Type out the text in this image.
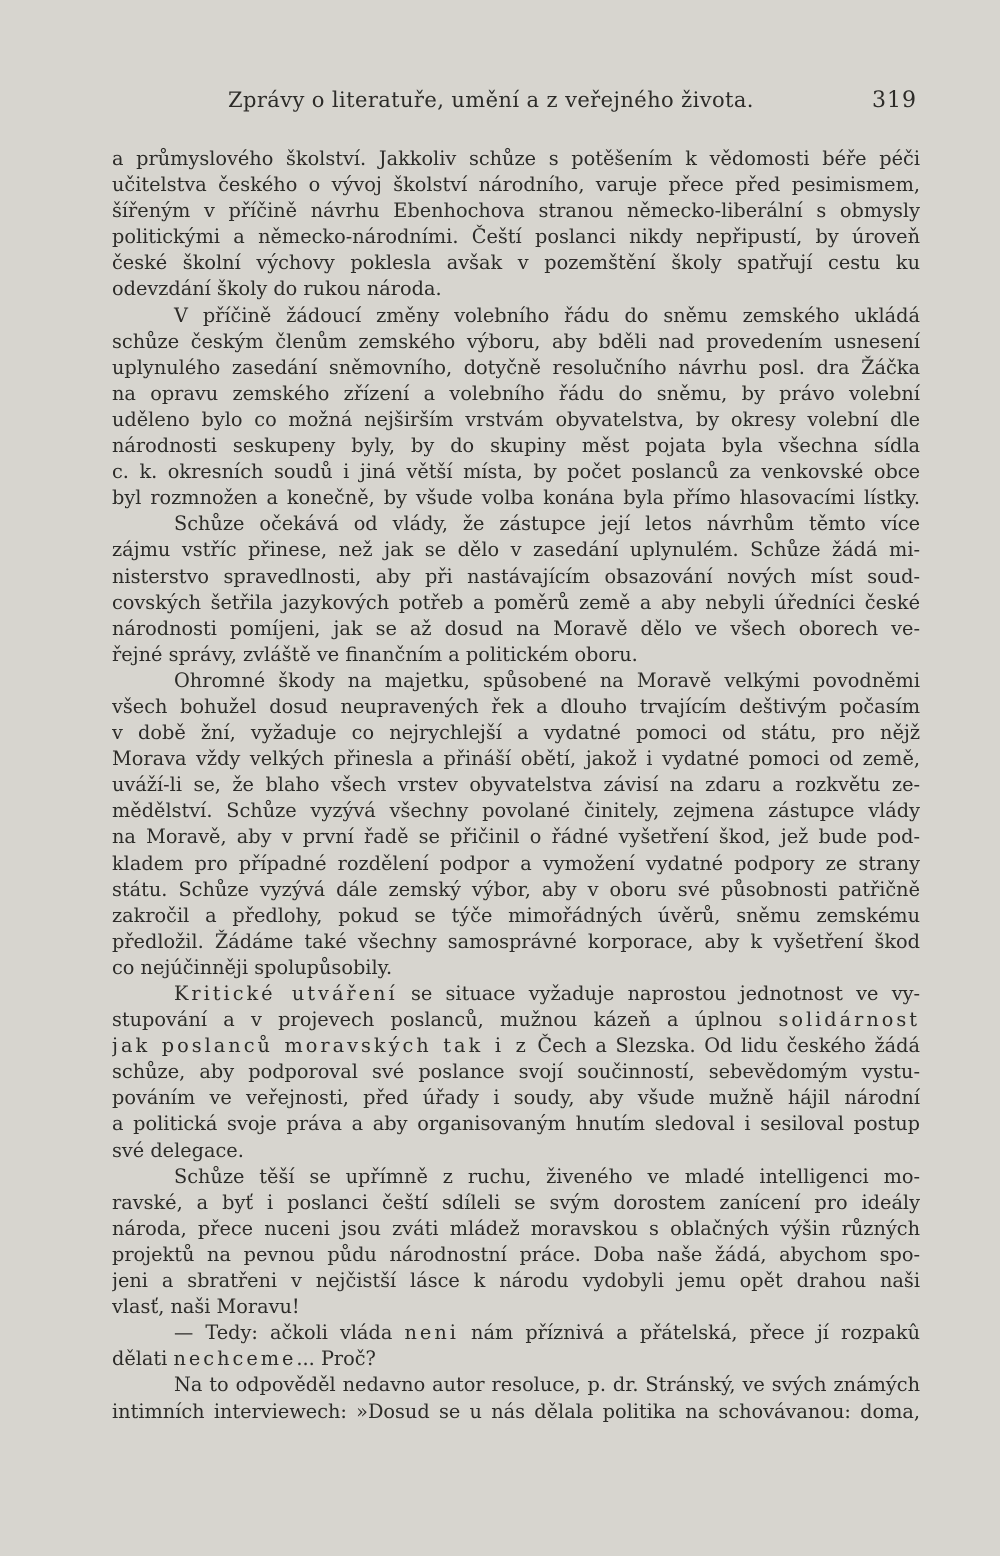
Zprávy o literatuře, umění a z veřejného života.	319
a průmyslového školství. Jakkoliv schůze s potěšením k vědomosti béře péči
učitelstva českého o vývoj školství národního, varuje přece před pesimismem,
šířeným v příčině návrhu Ebenhochova stranou německo-liberální s obmysly
politickými a německo-národními. Čeští poslanci nikdy nepřipustí, by úroveň
české školní výchovy poklesla avšak v pozemštění školy spatřují cestu ku
odevzdání školy do rukou národa.
V příčině žádoucí změny volebního řádu do sněmu zemského ukládá
schůze českým členům zemského výboru, aby bděli nad provedením usnesení
uplynulého zasedání sněmovního, dotyčně resolučního návrhu posl. dra Žáčka
na opravu zemského zřízení a volebního řádu do sněmu, by právo volební
uděleno bylo co možná nejširším vrstvám obyvatelstva, by okresy volební dle
národnosti seskupeny byly, by do skupiny měst pojata byla všechna sídla
c. k. okresních soudů i jiná větší místa, by počet poslanců za venkovské obce
byl rozmnožen a konečně, by všude volba konána byla přímo hlasovacími lístky.
Schůze očekává od vlády, že zástupce její letos návrhům těmto více
zájmu vstříc přinese, než jak se dělo v zasedání uplynulém. Schůze žádá mi-
nisterstvo spravedlnosti, aby při nastávajícím obsazování nových míst soud-
covských šetřila jazykových potřeb a poměrů země a aby nebyli úředníci české
národnosti pomíjeni, jak se až dosud na Moravě dělo ve všech oborech ve-
řejné správy, zvláště ve finančním a politickém oboru.
Ohromné škody na majetku, spůsobené na Moravě velkými povodněmi
všech bohužel dosud neupravených řek a dlouho trvajícím deštivým počasím
v době žní, vyžaduje co nejrychlejší a vydatné pomoci od státu, pro nějž
Morava vždy velkých přinesla a přináší obětí, jakož i vydatné pomoci od země,
uváží-li se, že blaho všech vrstev obyvatelstva závisí na zdaru a rozkvětu ze-
mědělství. Schůze vyzývá všechny povolané činitely, zejmena zástupce vlády
na Moravě, aby v první řadě se přičinil o řádné vyšetření škod, jež bude pod-
kladem pro případné rozdělení podpor a vymožení vydatné podpory ze strany
státu. Schůze vyzývá dále zemský výbor, aby v oboru své působnosti patřičně
zakročil a předlohy, pokud se týče mimořádných úvěrů, sněmu zemskému
předložil. Žádáme také všechny samosprávné korporace, aby k vyšetření škod
co nejúčinněji spolupůsobily.
Kritické utváření se situace vyžaduje naprostou jednotnost ve vy-
stupování a v projevech poslanců, mužnou kázeň a úplnou solidárnost
jak poslanců moravských tak i z Čech a Slezska. Od lidu českého žádá
schůze, aby podporoval své poslance svojí součinností, sebevědomým vystu-
pováním ve veřejnosti, před úřady i soudy, aby všude mužně hájil národní
a politická svoje práva a aby organisovaným hnutím sledoval i sesiloval postup
své delegace.
Schůze těší se upřímně z ruchu, živeného ve mladé intelligenci mo-
ravské, a byť i poslanci čeští sdíleli se svým dorostem zanícení pro ideály
národa, přece nuceni jsou zváti mládež moravskou s oblačných výšin různých
projektů na pevnou půdu národnostní práce. Doba naše žádá, abychom spo-
jeni a sbratřeni v nejčistší lásce k národu vydobyli jemu opět drahou naši
vlasť, naši Moravu!
— Tedy: ačkoli vláda neni nám příznivá a přátelská, přece jí rozpakû
dělati nechceme... Proč?
Na to odpověděl nedavno autor resoluce, p. dr. Stránský, ve svých známých
intimních interviewech: »Dosud se u nás dělala politika na schovávanou: doma,
